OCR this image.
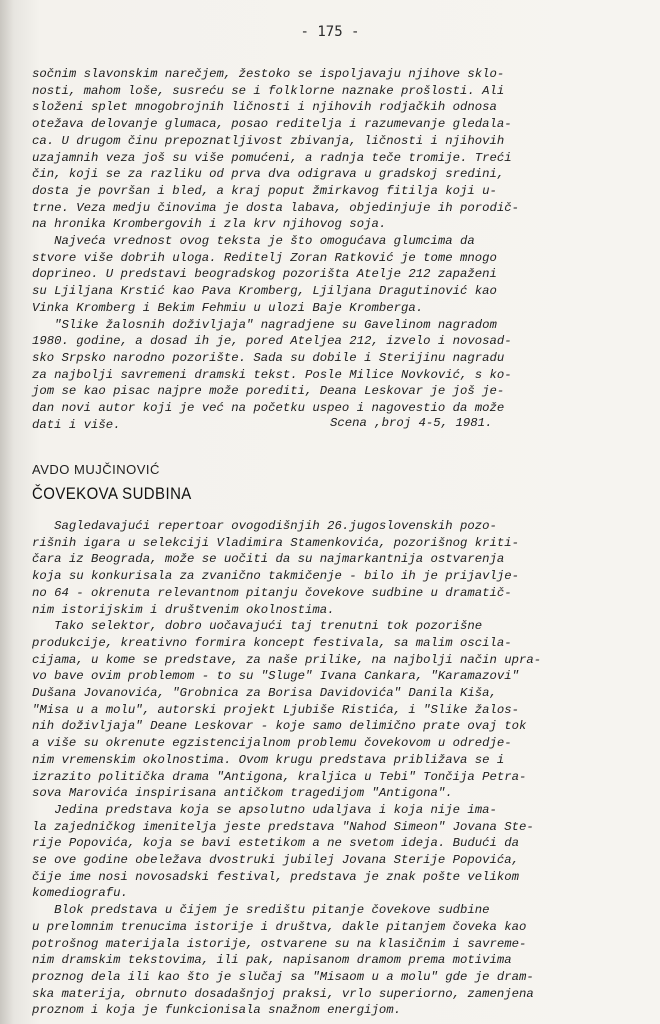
- 175 -
sočnim slavonskim narečjem, žestoko se ispoljavaju njihove sklo-
nosti, mahom loše, susreću se i folklorne naznake prošlosti. Ali
složeni splet mnogobrojnih ličnosti i njihovih rodjačkih odnosa
otežava delovanje glumaca, posao reditelja i razumevanje gledala-
ca. U drugom činu prepoznatljivost zbivanja, ličnosti i njihovih
uzajamnih veza još su više pomućeni, a radnja teče tromije. Treći
čin, koji se za razliku od prva dva odigrava u gradskoj sredini,
dosta je površan i bled, a kraj poput žmirkavog fitilja koji u-
trne. Veza medju činovima je dosta labava, objedinjuje ih porodič-
na hronika Krombergovih i zla krv njihovog soja.
Najveća vrednost ovog teksta je što omogućava glumcima da
stvore više dobrih uloga. Reditelj Zoran Ratković je tome mnogo
doprineo. U predstavi beogradskog pozorišta Atelje 212 zapaženi
su Ljiljana Krstić kao Pava Kromberg, Ljiljana Dragutinović kao
Vinka Kromberg i Bekim Fehmiu u ulozi Baje Kromberga.
"Slike žalosnih doživljaja" nagradjene su Gavelinom nagradom
1980. godine, a dosad ih je, pored Ateljea 212, izvelo i novosad-
sko Srpsko narodno pozorište. Sada su dobile i Sterijinu nagradu
za najbolji savremeni dramski tekst. Posle Milice Novković, s ko-
jom se kao pisac najpre može porediti, Deana Leskovar je još je-
dan novi autor koji je već na početku uspeo i nagovestio da može
dati i više.	Scena ,broj 4-5, 1981.
AVDO MUJČINOVIĆ
ČOVEKOVA SUDBINA
Sagledavajući repertoar ovogodišnjih 26.jugoslovenskih pozo-
rišnih igara u selekciji Vladimira Stamenkovića, pozorišnog kriti-
čara iz Beograda, može se uočiti da su najmarkantnija ostvarenja
koja su konkurisala za zvanično takmičenje - bilo ih je prijavlje-
no 64 - okrenuta relevantnom pitanju čovekove sudbine u dramatič-
nim istorijskim i društvenim okolnostima.
Tako selektor, dobro uočavajući taj trenutni tok pozorišne
produkcije, kreativno formira koncept festivala, sa malim oscila-
cijama, u kome se predstave, za naše prilike, na najbolji način upra-
vo bave ovim problemom - to su "Sluge" Ivana Cankara, "Karamazovi"
Dušana Jovanovića, "Grobnica za Borisa Davidovića" Danila Kiša,
"Misa u a molu", autorski projekt Ljubiše Ristića, i "Slike žalos-
nih doživljaja" Deane Leskovar - koje samo delimično prate ovaj tok
a više su okrenute egzistencijalnom problemu čovekovom u odredje-
nim vremenskim okolnostima. Ovom krugu predstava približava se i
izrazito politička drama "Antigona, kraljica u Tebi" Tončija Petra-
sova Marovića inspirisana antičkom tragedijom "Antigona".
Jedina predstava koja se apsolutno udaljava i koja nije ima-
la zajedničkog imenitelja jeste predstava "Nahod Simeon" Jovana Ste-
rije Popovića, koja se bavi estetikom a ne svetom ideja. Budući da
se ove godine obeležava dvostruki jubilej Jovana Sterije Popovića,
čije ime nosi novosadski festival, predstava je znak pošte velikom
komediografu.
Blok predstava u čijem je središtu pitanje čovekove sudbine
u prelomnim trenucima istorije i društva, dakle pitanjem čoveka kao
potrošnog materijala istorije, ostvarene su na klasičnim i savreme-
nim dramskim tekstovima, ili pak, napisanom dramom prema motivima
proznog dela ili kao što je slučaj sa "Misaom u a molu" gde je dram-
ska materija, obrnuto dosadašnjoj praksi, vrlo superiorno, zamenjena
proznom i koja je funkcionisala snažnom energijom.
